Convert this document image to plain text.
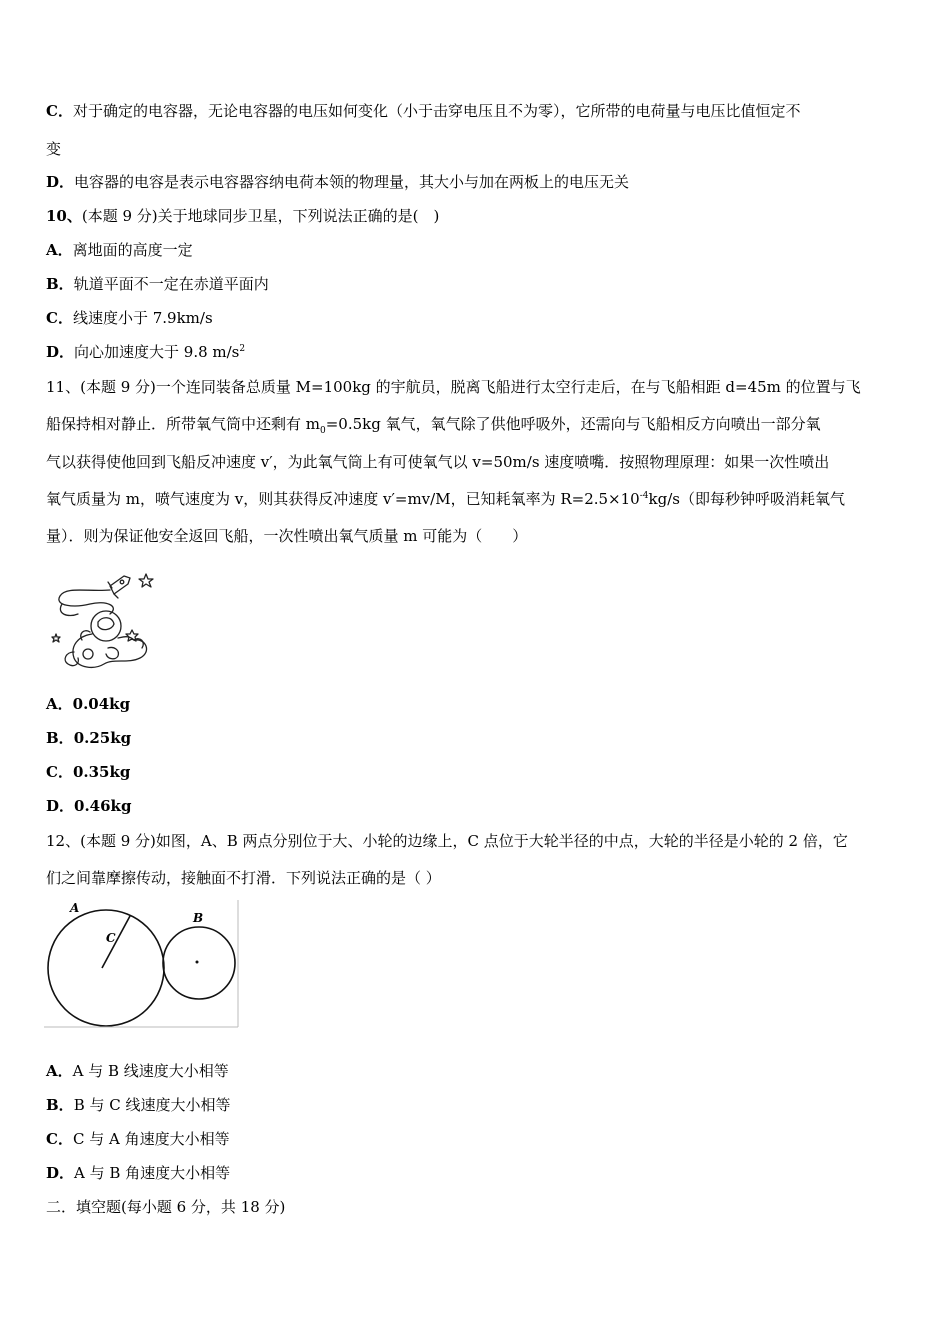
C．对于确定的电容器，无论电容器的电压如何变化（小于击穿电压且不为零），它所带的电荷量与电压比值恒定不
变
D．电容器的电容是表示电容器容纳电荷本领的物理量，其大小与加在两板上的电压无关
10、(本题 9 分)关于地球同步卫星，下列说法正确的是(　)
A．离地面的高度一定
B．轨道平面不一定在赤道平面内
C．线速度小于 7.9km/s
D．向心加速度大于 9.8 $m/s^2$
11、(本题 9 分)一个连同装备总质量 M=100kg 的宇航员，脱离飞船进行太空行走后，在与飞船相距 d=45m 的位置与飞
船保持相对静止．所带氧气筒中还剩有 $m_0=0.5kg$ 氧气，氧气除了供他呼吸外，还需向与飞船相反方向喷出一部分氧
气以获得使他回到飞船反冲速度 v′，为此氧气筒上有可使氧气以 v=50m/s 速度喷嘴．按照物理原理：如果一次性喷出
氧气质量为 m，喷气速度为 v，则其获得反冲速度 v′=mv/M，已知耗氧率为 $R=2.5\times 10^{-4}kg/s$（即每秒钟呼吸消耗氧气
量）．则为保证他安全返回飞船，一次性喷出氧气质量 m 可能为（　　）
A．0.04kg
B．0.25kg
C．0.35kg
D．0.46kg
12、(本题 9 分)如图，A、B 两点分别位于大、小轮的边缘上，C 点位于大轮半径的中点，大轮的半径是小轮的 2 倍，它
们之间靠摩擦传动，接触面不打滑．下列说法正确的是（ ）
A
B
C
A．A 与 B 线速度大小相等
B．B 与 C 线速度大小相等
C．C 与 A 角速度大小相等
D．A 与 B 角速度大小相等
二．填空题(每小题 6 分，共 18 分)
